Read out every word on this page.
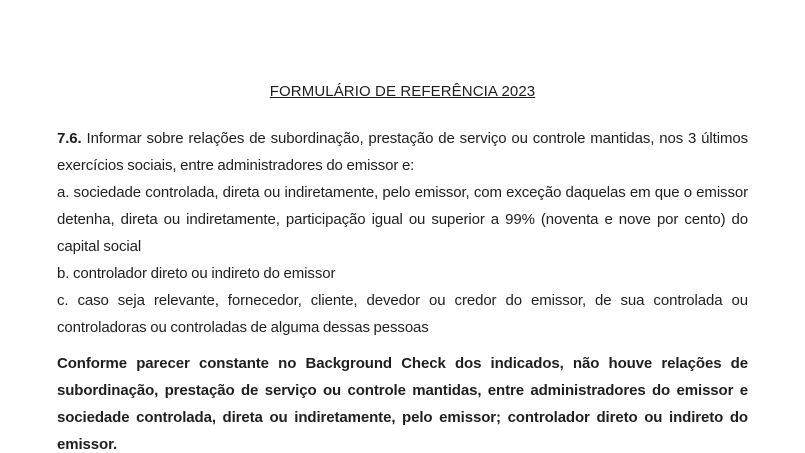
FORMULÁRIO DE REFERÊNCIA 2023

7.6. Informar sobre relações de subordinação, prestação de serviço ou controle mantidas, nos 3 últimos exercícios sociais, entre administradores do emissor e:

a. sociedade controlada, direta ou indiretamente, pelo emissor, com exceção daquelas em que o emissor detenha, direta ou indiretamente, participação igual ou superior a 99% (noventa e nove por cento) do capital social

b. controlador direto ou indireto do emissor

c. caso seja relevante, fornecedor, cliente, devedor ou credor do emissor, de sua controlada ou controladoras ou controladas de alguma dessas pessoas

Conforme parecer constante no Background Check dos indicados, não houve relações de subordinação, prestação de serviço ou controle mantidas, entre administradores do emissor e sociedade controlada, direta ou indiretamente, pelo emissor; controlador direto ou indireto do emissor.
